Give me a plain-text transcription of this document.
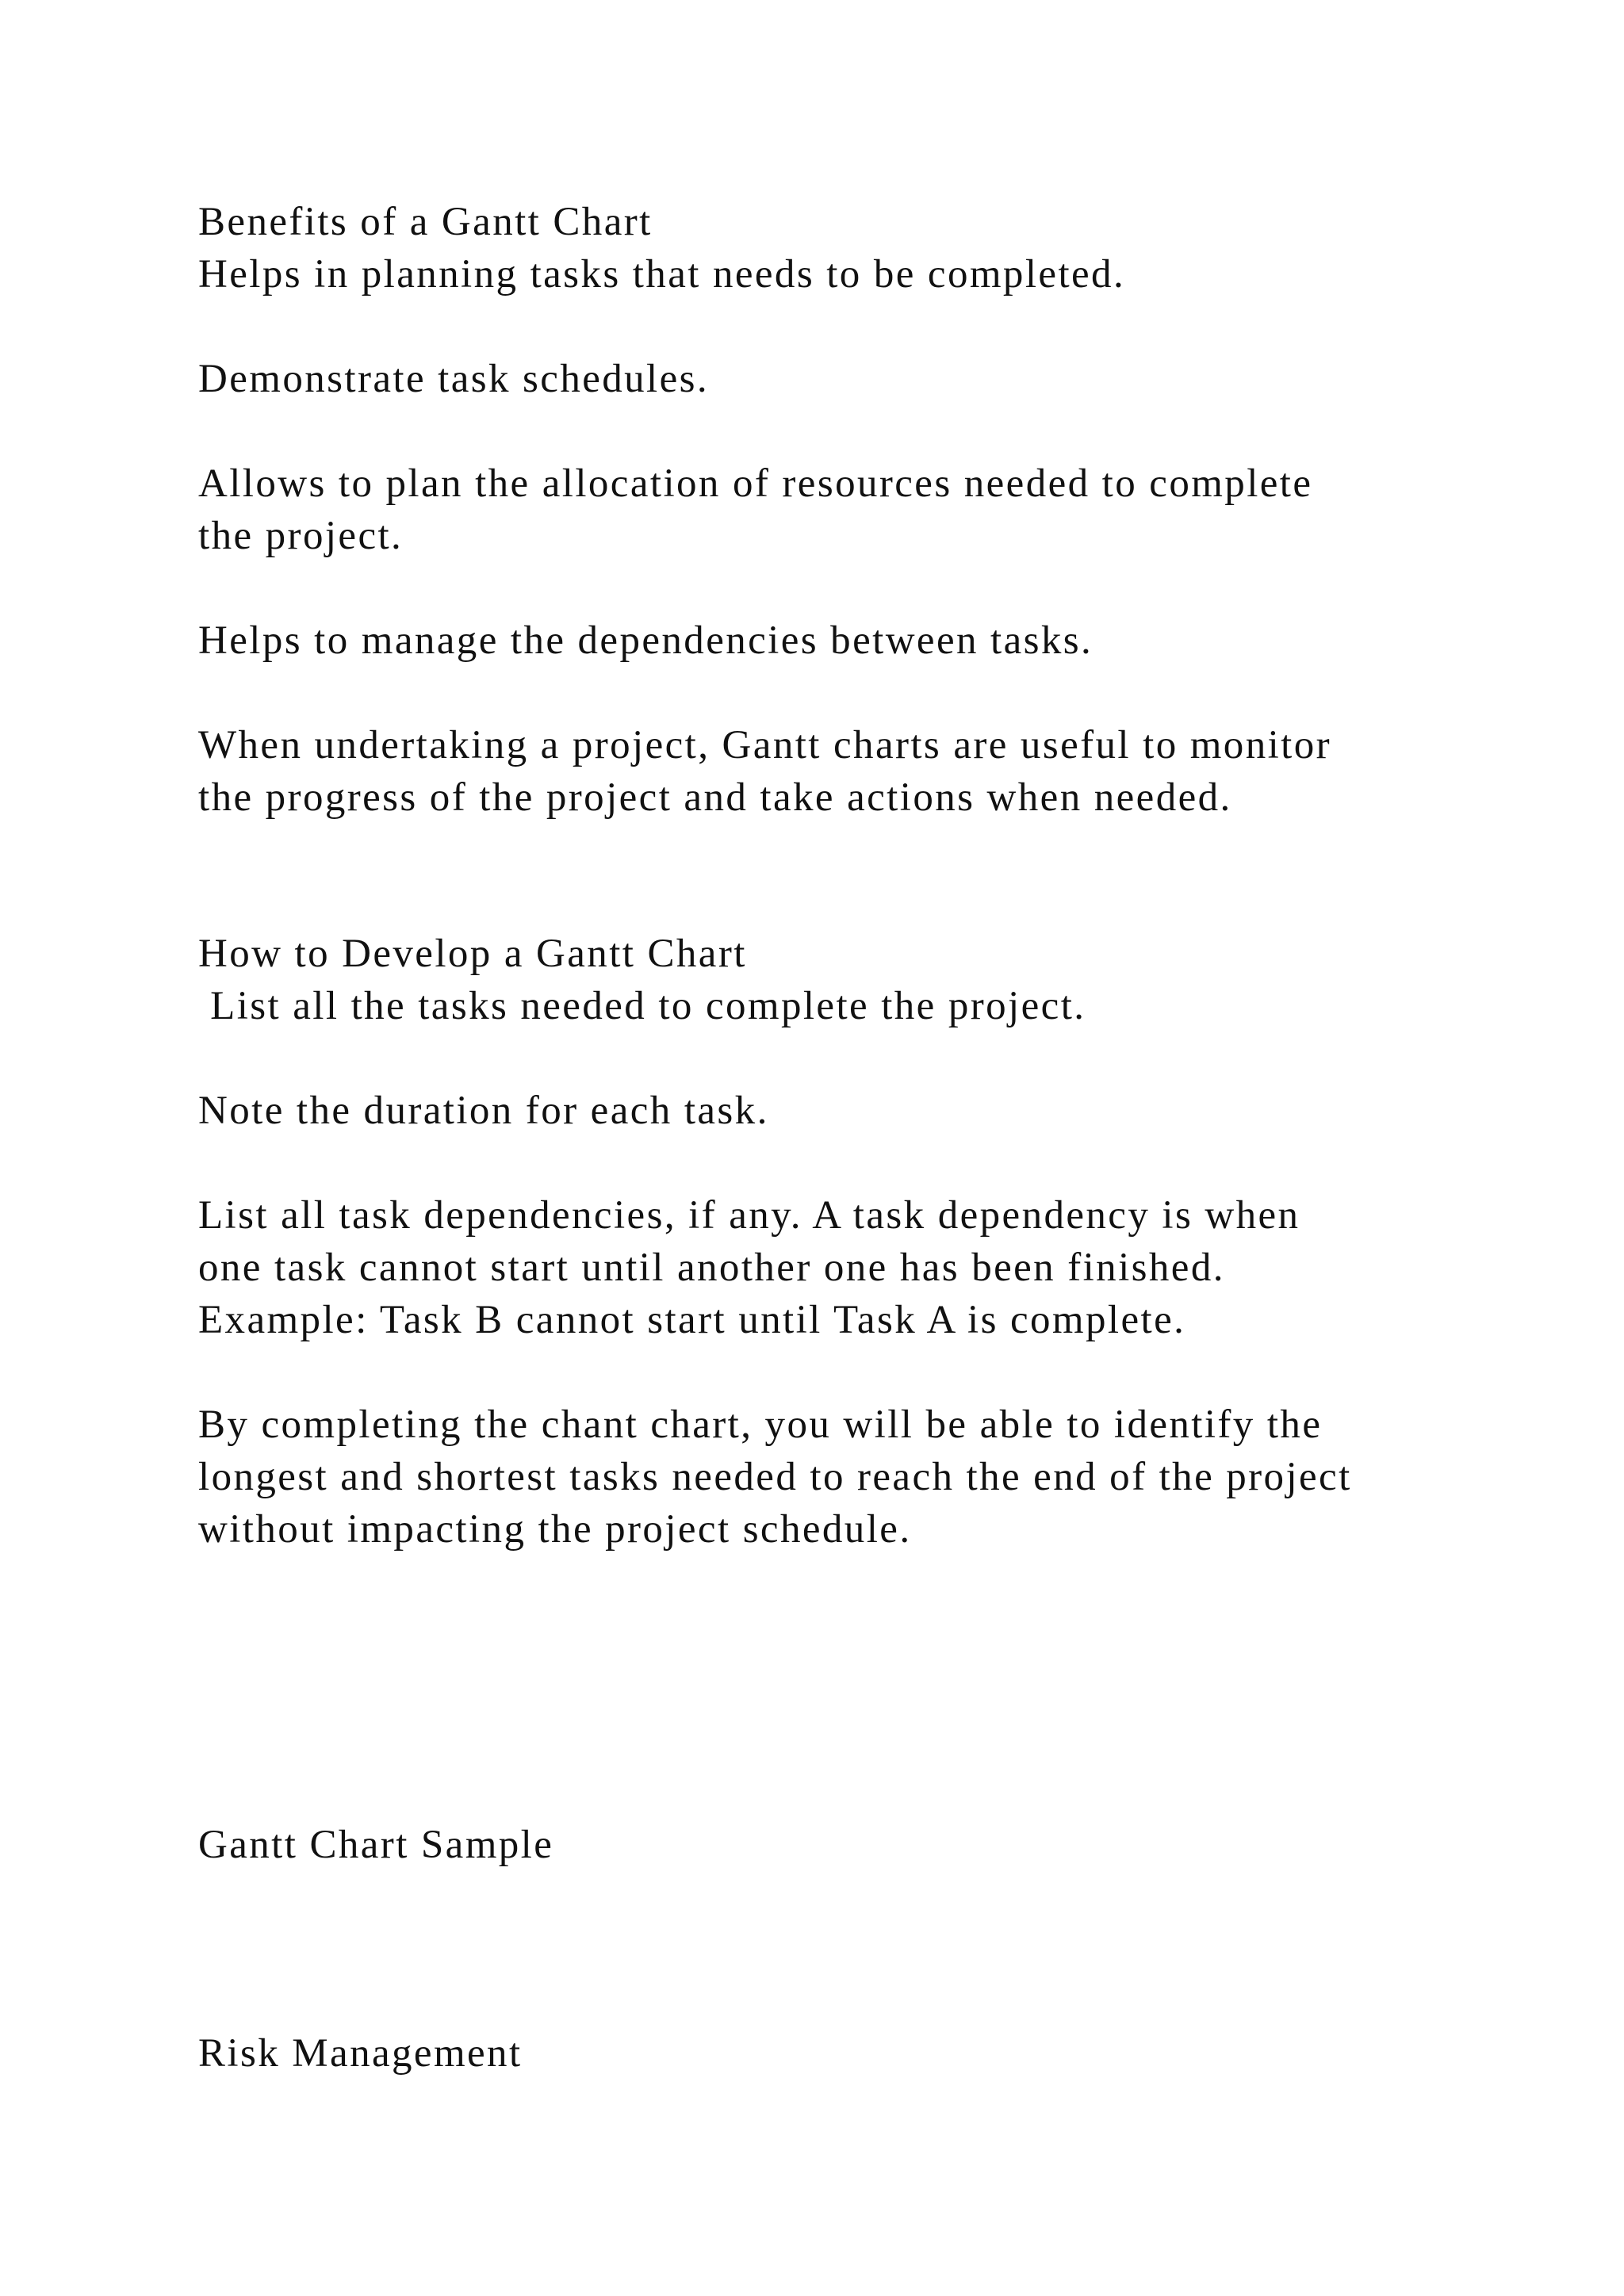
Benefits of a Gantt Chart

Helps in planning tasks that needs to be completed.

Demonstrate task schedules.

Allows to plan the allocation of resources needed to complete

the project.

Helps to manage the dependencies between tasks.

When undertaking a project, Gantt charts are useful to monitor

the progress of the project and take actions when needed.

How to Develop a Gantt Chart

List all the tasks needed to complete the project.

Note the duration for each task.

List all task dependencies, if any. A task dependency is when

one task cannot start until another one has been finished.

Example: Task B cannot start until Task A is complete.

By completing the chant chart, you will be able to identify the

longest and shortest tasks needed to reach the end of the project

without impacting the project schedule.

Gantt Chart Sample

Risk Management
